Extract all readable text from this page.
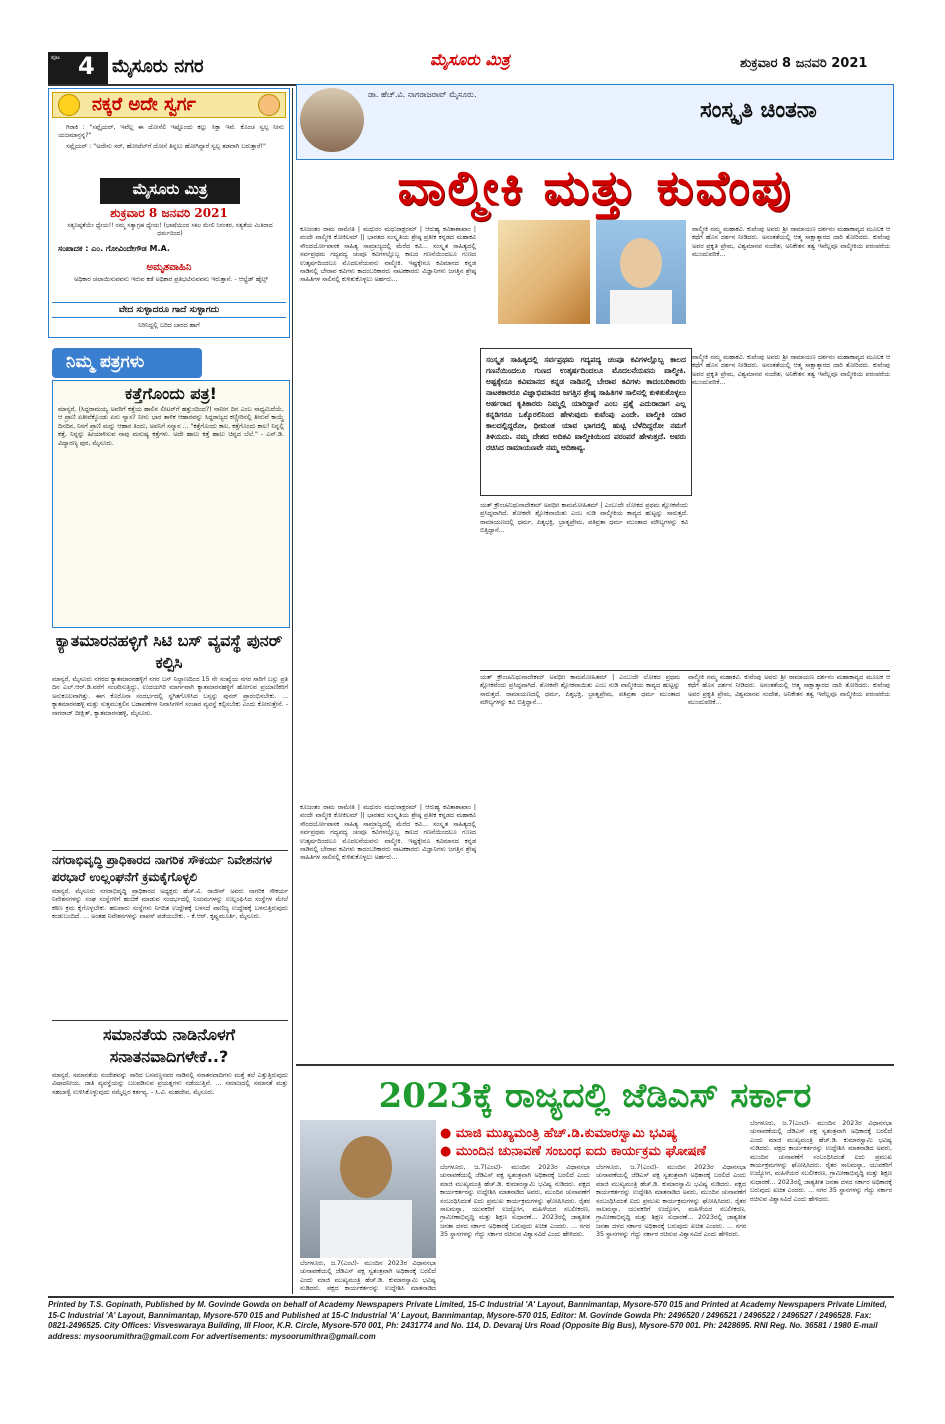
ಪುಟ 4 ಮೈಸೂರು ನಗರ	ಮೈಸೂರು ಮಿತ್ರ	ಶುಕ್ರವಾರ 8 ಜನವರಿ 2021
ನಕ್ಕರೆ ಅದೇ ಸ್ವರ್ಗ

ಗಿರಾಕಿ : "ಸಪ್ಲೈಯರ್, ಇವೆಲ್ಲ ಈ ದೋಸೆಲಿ ಇಷ್ಟೊಂದು ಕಲ್ಲು ಸಿಕ್ತಾ ಇವೆ. ಕೊಂಚ ಸ್ವಲ್ಪ ನೀನು ಯಜಮಾನ್ರನ್ನ?"

ಸಪ್ಲೈಯರ್ : "ಅದೇನು ಸರ್, ಹೋಟೆಲ್‌ಗೆ ದೋಸೆ ತಿನ್ನಲು ಹೋಗಿದ್ದಾರೆ ಸ್ವಲ್ಪ ತಡವಾಗಿ ಬರುತ್ತಾರೆ!"

ಮೈಸೂರು ಮಿತ್ರ
ಶುಕ್ರವಾರ 8 ಜನವರಿ 2021
ಸತ್ಯನಿಷ್ಠತೆಯೇ ಧ್ಯೇಯ!! ನಮ್ಮ ಸತ್ಯಾಗ್ರಹ ಧ್ಯೇಯ! (ಭಾಷೆಯಿಂದ ಸಕಲ ಮೇಲಿ ನಿರಂತರ, ಸತ್ಯತೆಯ ಮಿತಿರಾದ ಧರ್ಮದಿಂದ)
ಸಂಪಾದಕ : ಎಂ. ಗೋವಿಂದೇಗೌಡ M.A.
ಅಮೃತವಾಹಿನಿ
ಅಧಿಕಾರ ಚಲಾಯಿಸುವವನು ಇರುವ ಕಡೆ ಅಧಿಕಾರ ಪ್ರತಿಭಟಿಸುವವನು ಇರುತ್ತಾನೆ. - ಆಲ್ಫ್ರೆಡ್ ಹೈಲ್ಸ್
ವೇದ ಸುಳ್ಳಾದರೂ ಗಾದೆ ಸುಳ್ಳಾಗದು
ನಿರಿನಿದ್ದಲ್ಲಿ ಬರಿದ ಬಾರದ ಹಾಗೆ
ನಿಮ್ಮ ಪತ್ರಗಳು
ಕತ್ತೆಗೊಂದು ಪತ್ರ!
ಮಾನ್ಯರೆ, (ಸಿದ್ದರಾಮಯ್ಯ ಅವರಿಗೆ ಕತ್ತೆಯ ಹಾಲಿನ ಲೀಟರ್‌ಗೆ ಹತ್ತುಂದಿಂದ?) ನಾನೀಗ ದಿನ ಎಂಬ ಸಾಧ್ಯಮಿದೆಯೆ, ಆ ಪ್ರಾಣಿ ಏತೀವೆಕ್ಕೊಂಡು ಏನು ನ್ಯಾಸ? ನೀನು ಭಾರ ತಾಳಿಕ ಆಹಾರವನ್ನು ಸಿದ್ಧರಾಜ್ಯದ ಕಣ್ಣೀರಿನಲ್ಲಿ ತೀರುವೆ ಕಾಯ್ತ್ರೆ ದಿನದಿನ, ನಿನಗೆ ಪ್ರಾಣಿ ಮನ್ನು ಆಹಾರ ತಿಂದು, ಅವನಿಗೆ ಸನ್ಮಾನ ... "ಕತ್ತೆಗೊಂದು ಕಾಲ, ಕತ್ತೆಗೊಂದು ಕಾಲ! ನಿನ್ನಲ್ಲಿ ಕತ್ತೆ, ನಿನ್ನನ್ನು ಹೀಯಾಳಿಸುವ ನಾವು ಮನುಷ್ಯ ಕತ್ತೆಗಳು. ಅದೇ ಹಾಲು ಕತ್ತೆ ಹಾಲು ಚಿನ್ನದ ಬೆಲೆ." - ಎನ್.ಡಿ. ವಿದ್ಯಾರಣ್ಯ ಪುರ, ಮೈಸೂರು.
ಕ್ಯಾತಮಾರನಹಳ್ಳಿಗೆ ಸಿಟಿ ಬಸ್ ವ್ಯವಸ್ಥೆ ಪುನರ್ ಕಲ್ಪಿಸಿ
ಮಾನ್ಯರೆ, ಮೈಸೂರು ನಗರದ ಕ್ಯಾತಮಾರನಹಳ್ಳಿಗೆ ನಗರ ಬಸ್ ನಿಲ್ದಾಣದಿಂದ 15 ನೇ ಸಂಖ್ಯೆಯ ನಗರ ಸಾರಿಗೆ ಬಸ್ಸು ಪ್ರತಿ ದಿನ ಎಲ್.ಆರ್.ಡಿ.ವರೆಗೆ ಸಂಚರಿಸುತ್ತಿದ್ದು, ಉದಯಗಿರಿ ಮಾರ್ಗವಾಗಿ ಕ್ಯಾತಮಾರನಹಳ್ಳಿಗೆ ಹೋಗುವ ಪ್ರಯಾಣಿಕರಿಗೆ ಅನುಕೂಲವಾಗಿತ್ತು. ಈಗ ಕೊರೊನಾ ಸಂದರ್ಭದಲ್ಲಿ ಸ್ಥಗಿತಗೊಳಿಸಿದ ಬಸ್ಸನ್ನು ಪುನರ್ ಪ್ರಾರಂಭಿಸಬೇಕು. ... ಕ್ಯಾತಮಾರನಹಳ್ಳಿ ಮತ್ತು ಸುತ್ತಮುತ್ತಲಿನ ಬಡಾವಣೆಗಳ ನಿವಾಸಿಗಳಿಗೆ ಸಂಚಾರ ವ್ಯವಸ್ಥೆ ಕಲ್ಪಿಸಬೇಕು ಎಂದು ಕೋರುತ್ತೇನೆ. - ನಾಗರಾಜ್ ದೀಕ್ಷಿತ್, ಕ್ಯಾತಮಾರನಹಳ್ಳಿ, ಮೈಸೂರು.
ನಗರಾಭಿವೃದ್ಧಿ ಪ್ರಾಧಿಕಾರದ ನಾಗರಿಕ ಸೌಕರ್ಯ ನಿವೇಶನಗಳ ಪರಭಾರೆ ಉಲ್ಲಂಘನೆಗೆ ಕ್ರಮಕೈಗೊಳ್ಳಲಿ
ಮಾನ್ಯರೆ, ಮೈಸೂರು ನಗರಾಭಿವೃದ್ಧಿ ಪ್ರಾಧಿಕಾರದ ಅಧ್ಯಕ್ಷರು ಹೆಚ್.ವಿ. ರಾಜೀವ್ ಅವರು ನಾಗರಿಕ ಸೌಕರ್ಯ ನಿವೇಶನಗಳನ್ನು ಸಂಘ ಸಂಸ್ಥೆಗಳಿಗೆ ಹಂಚಿಕೆ ಮಾಡುವ ಸಂದರ್ಭದಲ್ಲಿ ನಿಯಮಗಳನ್ನು ಉಲ್ಲಂಘಿಸಿದ ಸಂಸ್ಥೆಗಳ ಮೇಲೆ ಕಠಿಣ ಕ್ರಮ ಕೈಗೊಳ್ಳಬೇಕು. ಹಲವಾರು ಸಂಸ್ಥೆಗಳು ನಿಗದಿತ ಉದ್ದೇಶಕ್ಕೆ ಬಳಸದೆ ವಾಣಿಜ್ಯ ಉದ್ದೇಶಕ್ಕೆ ಬಳಸುತ್ತಿರುವುದು ಕಂಡುಬಂದಿದೆ. ... ಅಂತಹ ನಿವೇಶನಗಳನ್ನು ವಾಪಸ್ ಪಡೆಯಬೇಕು. - ಕೆ.ಆರ್. ಕೃಷ್ಣಮೂರ್ತಿ, ಮೈಸೂರು.
ಸಮಾನತೆಯ ನಾಡಿನೊಳಗೆ ಸನಾತನವಾದಿಗಳೇಕೆ..?
ಮಾನ್ಯರೆ, ಸಮಾನತೆಯ ಸಂದೇಶವನ್ನು ಸಾರಿದ ಬಸವಣ್ಣನವರ ನಾಡಿನಲ್ಲಿ ಸನಾತನವಾದಿಗಳು ಮತ್ತೆ ತಲೆ ಎತ್ತುತ್ತಿರುವುದು ವಿಷಾದನೀಯ. ಜಾತಿ ವ್ಯವಸ್ಥೆಯನ್ನು ಬಲಪಡಿಸುವ ಪ್ರಯತ್ನಗಳು ನಡೆಯುತ್ತಿವೆ. ... ಸಮಾಜದಲ್ಲಿ ಸಮಾನತೆ ಮತ್ತು ಸಹಬಾಳ್ವೆ ಉಳಿಸಿಕೊಳ್ಳುವುದು ನಮ್ಮೆಲ್ಲರ ಕರ್ತವ್ಯ. - ಸಿ.ವಿ. ಮಹದೇವ, ಮೈಸೂರು.
ಡಾ. ಹೆಚ್.ವಿ. ನಾಗರಾಜರಾವ್ ಮೈಸೂರು.
ಸಂಸ್ಕೃತಿ ಚಿಂತನಾ
ವಾಲ್ಮೀಕಿ ಮತ್ತು ಕುವೆಂಪು
ಕೂಜಂತಂ ರಾಮ ರಾಮೇತಿ | ಮಧುರಂ ಮಧುರಾಕ್ಷರಮ್ | ಆರುಹ್ಯ ಕವಿತಾಶಾಖಾಂ | ವಂದೇ ವಾಲ್ಮೀಕಿ ಕೋಕಿಲಮ್ || ಭಾರತದ ಸಂಸ್ಕೃತಿಯ ಶ್ರೇಷ್ಠ ಪ್ರತೀಕ ಕನ್ನಡದ ಮಹಾಕವಿ ಸೌಂದರ್ಯೋಪಾಸಕ ಸಾಹಿತ್ಯ ಸಾಮ್ರಾಜ್ಯದಲ್ಲಿ ಮೆರೆದ ಕವಿ... ಸಂಸ್ಕೃತ ಸಾಹಿತ್ಯದಲ್ಲಿ ಸರ್ವಪ್ರಥಮ ಗದ್ಯಪದ್ಯ ಚಂಪೂ ಕವಿಗಳಲ್ಲೊಬ್ಬ ಕಾಲದ ಗಣನೆಯಿಂದಲೂ ಗುಣದ ಉತ್ಕರ್ಷದಿಂದಲೂ ಮೊದಲನೆಯವನು ವಾಲ್ಮೀಕಿ. ಇಷ್ಟಕ್ಕೇನೂ ಕವಿಮಾನದ ಕನ್ನಡ ನಾಡಿನಲ್ಲಿ ಬೇರಾವ ಕವಿಗಳು ಕಾದಂಬರಿಕಾರರು ನಾಟಕಕಾರರು ವಿಜ್ಞಾನಿಗಳು ಜಗತ್ತಿನ ಶ್ರೇಷ್ಠ ಸಾಹಿತಿಗಳ ಸಾಲಿನಲ್ಲಿ ಕುಳಿತುಕೊಳ್ಳಲು ಅರ್ಹರು...
ವಾಲ್ಮೀಕಿ ನಮ್ಮ ಮಹಾಕವಿ. ಕುವೆಂಪು ಅವರು ಶ್ರೀ ರಾಮಾಯಣ ದರ್ಶನಂ ಮಹಾಕಾವ್ಯದ ಮೂಲಕ ಆ ಕಥೆಗೆ ಹೊಸ ದರ್ಶನ ನೀಡಿದರು. ಅನಂತತೆಯಲ್ಲಿ ಆತ್ಮ ಸಾಕ್ಷಾತ್ಕಾರದ ದಾರಿ ತೋರಿದರು. ಕುವೆಂಪು ಅವರ ಪ್ರಕೃತಿ ಪ್ರೇಮ, ವಿಶ್ವಮಾನವ ಸಂದೇಶ, ಅನಿಕೇತನ ತತ್ವ ಇವೆಲ್ಲವೂ ವಾಲ್ಮೀಕಿಯ ಪರಂಪರೆಯ ಮುಂದುವರಿಕೆ...
ಸಂಸ್ಕೃತ ಸಾಹಿತ್ಯದಲ್ಲಿ ಸರ್ವಪ್ರಥಮ ಗದ್ಯಪದ್ಯ ಚಂಪೂ ಕವಿಗಳಲ್ಲೊಬ್ಬ ಕಾಲದ ಗಣನೆಯಿಂದಲೂ ಗುಣದ ಉತ್ಕರ್ಷದಿಂದಲೂ ಮೊದಲನೆಯವನು ವಾಲ್ಮೀಕಿ. ಅಷ್ಟಕ್ಕೇನೂ ಕವಿಮಾನದ ಕನ್ನಡ ನಾಡಿನಲ್ಲಿ ಬೇರಾವ ಕವಿಗಳು ಕಾದಂಬರಿಕಾರರು ನಾಟಕಕಾರರೂ ವಿಜ್ಞಾಭಿಮಾನದ ಜಗತ್ತಿನ ಶ್ರೇಷ್ಠ ಸಾಹಿತಿಗಳ ಸಾಲಿನಲ್ಲಿ ಕುಳಿತುಕೊಳ್ಳಲು ಅರ್ಹರಾದ ಕೃತಿಕಾರರು ನಿಮ್ಮಲ್ಲಿ ಯಾರಿದ್ದಾರೆ ಎಂಬ ಪ್ರಶ್ನೆ ಎದುರಾದಾಗ ಎಲ್ಲ ಕನ್ನಡಿಗರೂ ಒಕ್ಕೊರಲಿನಿಂದ ಹೇಳುವುದು ಕುವೆಂಪು ಎಂದೇ. ವಾಲ್ಮೀಕಿ ಯಾರ ಕಾಲದಲ್ಲಿದ್ದರೋ, ಧೀಮಂತ ಯಾವ ಭಾಗದಲ್ಲಿ ಹುಟ್ಟಿ ಬೆಳೆದಿದ್ದರೋ ನಮಗೆ ತಿಳಿಯದು. ನಮ್ಮ ದೇಶದ ಅದಿಕವಿ ವಾಲ್ಮೀಕಿಯಿಂದ ಪರಂಪರೆ ಹೇಳುತ್ತದೆ. ಅವರು ರಚಿಸಿದ ರಾಮಾಯಣವೇ ನಮ್ಮ ಆದಿಕಾವ್ಯ.
ವಾಲ್ಮೀಕಿ ನಮ್ಮ ಮಹಾಕವಿ. ಕುವೆಂಪು ಅವರು ಶ್ರೀ ರಾಮಾಯಣ ದರ್ಶನಂ ಮಹಾಕಾವ್ಯದ ಮೂಲಕ ಆ ಕಥೆಗೆ ಹೊಸ ದರ್ಶನ ನೀಡಿದರು. ಅನಂತತೆಯಲ್ಲಿ ಆತ್ಮ ಸಾಕ್ಷಾತ್ಕಾರದ ದಾರಿ ತೋರಿದರು. ಕುವೆಂಪು ಅವರ ಪ್ರಕೃತಿ ಪ್ರೇಮ, ವಿಶ್ವಮಾನವ ಸಂದೇಶ, ಅನಿಕೇತನ ತತ್ವ ಇವೆಲ್ಲವೂ ವಾಲ್ಮೀಕಿಯ ಪರಂಪರೆಯ ಮುಂದುವರಿಕೆ...
ಯತ್ ಕ್ರೌಂಚಮಿಥುನಾದೇಕಮ್ ಅವಧೀಃ ಕಾಮಮೋಹಿತಮ್ | ಎಂಬುದೇ ಲೋಕದ ಪ್ರಥಮ ಶ್ಲೋಕವೆಂದು ಪ್ರಸಿದ್ಧವಾಗಿದೆ. ಶೋಕವೇ ಶ್ಲೋಕವಾಯಿತು ಎಂಬ ನುಡಿ ವಾಲ್ಮೀಕಿಯ ಕಾವ್ಯದ ಹುಟ್ಟನ್ನು ಸಾರುತ್ತದೆ. ರಾಮಾಯಣದಲ್ಲಿ ಧರ್ಮ, ಪಿತೃಭಕ್ತಿ, ಭ್ರಾತೃಪ್ರೇಮ, ಪತಿವ್ರತಾ ಧರ್ಮ ಮುಂತಾದ ಮೌಲ್ಯಗಳನ್ನು ಕವಿ ಬಿತ್ತಿದ್ದಾನೆ...
ಯತ್ ಕ್ರೌಂಚಮಿಥುನಾದೇಕಮ್ ಅವಧೀಃ ಕಾಮಮೋಹಿತಮ್ | ಎಂಬುದೇ ಲೋಕದ ಪ್ರಥಮ ಶ್ಲೋಕವೆಂದು ಪ್ರಸಿದ್ಧವಾಗಿದೆ. ಶೋಕವೇ ಶ್ಲೋಕವಾಯಿತು ಎಂಬ ನುಡಿ ವಾಲ್ಮೀಕಿಯ ಕಾವ್ಯದ ಹುಟ್ಟನ್ನು ಸಾರುತ್ತದೆ. ರಾಮಾಯಣದಲ್ಲಿ ಧರ್ಮ, ಪಿತೃಭಕ್ತಿ, ಭ್ರಾತೃಪ್ರೇಮ, ಪತಿವ್ರತಾ ಧರ್ಮ ಮುಂತಾದ ಮೌಲ್ಯಗಳನ್ನು ಕವಿ ಬಿತ್ತಿದ್ದಾನೆ...
ವಾಲ್ಮೀಕಿ ನಮ್ಮ ಮಹಾಕವಿ. ಕುವೆಂಪು ಅವರು ಶ್ರೀ ರಾಮಾಯಣ ದರ್ಶನಂ ಮಹಾಕಾವ್ಯದ ಮೂಲಕ ಆ ಕಥೆಗೆ ಹೊಸ ದರ್ಶನ ನೀಡಿದರು. ಅನಂತತೆಯಲ್ಲಿ ಆತ್ಮ ಸಾಕ್ಷಾತ್ಕಾರದ ದಾರಿ ತೋರಿದರು. ಕುವೆಂಪು ಅವರ ಪ್ರಕೃತಿ ಪ್ರೇಮ, ವಿಶ್ವಮಾನವ ಸಂದೇಶ, ಅನಿಕೇತನ ತತ್ವ ಇವೆಲ್ಲವೂ ವಾಲ್ಮೀಕಿಯ ಪರಂಪರೆಯ ಮುಂದುವರಿಕೆ...
ಕೂಜಂತಂ ರಾಮ ರಾಮೇತಿ | ಮಧುರಂ ಮಧುರಾಕ್ಷರಮ್ | ಆರುಹ್ಯ ಕವಿತಾಶಾಖಾಂ | ವಂದೇ ವಾಲ್ಮೀಕಿ ಕೋಕಿಲಮ್ || ಭಾರತದ ಸಂಸ್ಕೃತಿಯ ಶ್ರೇಷ್ಠ ಪ್ರತೀಕ ಕನ್ನಡದ ಮಹಾಕವಿ ಸೌಂದರ್ಯೋಪಾಸಕ ಸಾಹಿತ್ಯ ಸಾಮ್ರಾಜ್ಯದಲ್ಲಿ ಮೆರೆದ ಕವಿ... ಸಂಸ್ಕೃತ ಸಾಹಿತ್ಯದಲ್ಲಿ ಸರ್ವಪ್ರಥಮ ಗದ್ಯಪದ್ಯ ಚಂಪೂ ಕವಿಗಳಲ್ಲೊಬ್ಬ ಕಾಲದ ಗಣನೆಯಿಂದಲೂ ಗುಣದ ಉತ್ಕರ್ಷದಿಂದಲೂ ಮೊದಲನೆಯವನು ವಾಲ್ಮೀಕಿ. ಇಷ್ಟಕ್ಕೇನೂ ಕವಿಮಾನದ ಕನ್ನಡ ನಾಡಿನಲ್ಲಿ ಬೇರಾವ ಕವಿಗಳು ಕಾದಂಬರಿಕಾರರು ನಾಟಕಕಾರರು ವಿಜ್ಞಾನಿಗಳು ಜಗತ್ತಿನ ಶ್ರೇಷ್ಠ ಸಾಹಿತಿಗಳ ಸಾಲಿನಲ್ಲಿ ಕುಳಿತುಕೊಳ್ಳಲು ಅರ್ಹರು...
2023ಕ್ಕೆ ರಾಜ್ಯದಲ್ಲಿ ಜೆಡಿಎಸ್ ಸರ್ಕಾರ
● ಮಾಜಿ ಮುಖ್ಯಮಂತ್ರಿ ಹೆಚ್.ಡಿ.ಕುಮಾರಸ್ವಾಮಿ ಭವಿಷ್ಯ
● ಮುಂದಿನ ಚುನಾವಣೆ ಸಂಬಂಧ ಐದು ಕಾರ್ಯಕ್ರಮ ಘೋಷಣೆ
ಬೆಂಗಳೂರು, ಜ.7(ಎಂಟಿ)- ಮುಂದಿನ 2023ರ ವಿಧಾನಸಭಾ ಚುನಾವಣೆಯಲ್ಲಿ ಜೆಡಿಎಸ್ ಪಕ್ಷ ಸ್ವತಂತ್ರವಾಗಿ ಅಧಿಕಾರಕ್ಕೆ ಬರಲಿದೆ ಎಂದು ಮಾಜಿ ಮುಖ್ಯಮಂತ್ರಿ ಹೆಚ್.ಡಿ. ಕುಮಾರಸ್ವಾಮಿ ಭವಿಷ್ಯ ನುಡಿದರು. ಪಕ್ಷದ ಕಾರ್ಯಕರ್ತರನ್ನು ಉದ್ದೇಶಿಸಿ ಮಾತನಾಡಿದ ಅವರು, ಮುಂದಿನ ಚುನಾವಣೆಗೆ ಸಂಬಂಧಿಸಿದಂತೆ ಐದು ಪ್ರಮುಖ ಕಾರ್ಯಕ್ರಮಗಳನ್ನು ಘೋಷಿಸಿದರು. ರೈತರ ಸಾಲಮನ್ನಾ, ಯುವಕರಿಗೆ ಉದ್ಯೋಗ, ಮಹಿಳೆಯರ ಸಬಲೀಕರಣ, ಗ್ರಾಮೀಣಾಭಿವೃದ್ಧಿ ಮತ್ತು ಶಿಕ್ಷಣ ಸುಧಾರಣೆ... 2023ರಲ್ಲಿ ಜಾತ್ಯತೀತ ಜನತಾ ದಳದ ಸರ್ಕಾರ ಅಧಿಕಾರಕ್ಕೆ ಬರುವುದು ಖಚಿತ ಎಂದರು. ... ನಗರ 35 ಸ್ಥಾನಗಳನ್ನು ಗೆದ್ದು ಸರ್ಕಾರ ರಚಿಸುವ ವಿಶ್ವಾಸವಿದೆ ಎಂದು ಹೇಳಿದರು.
ಬೆಂಗಳೂರು, ಜ.7(ಎಂಟಿ)- ಮುಂದಿನ 2023ರ ವಿಧಾನಸಭಾ ಚುನಾವಣೆಯಲ್ಲಿ ಜೆಡಿಎಸ್ ಪಕ್ಷ ಸ್ವತಂತ್ರವಾಗಿ ಅಧಿಕಾರಕ್ಕೆ ಬರಲಿದೆ ಎಂದು ಮಾಜಿ ಮುಖ್ಯಮಂತ್ರಿ ಹೆಚ್.ಡಿ. ಕುಮಾರಸ್ವಾಮಿ ಭವಿಷ್ಯ ನುಡಿದರು. ಪಕ್ಷದ ಕಾರ್ಯಕರ್ತರನ್ನು ಉದ್ದೇಶಿಸಿ ಮಾತನಾಡಿದ ಅವರು, ಮುಂದಿನ ಚುನಾವಣೆಗೆ ಸಂಬಂಧಿಸಿದಂತೆ ಐದು ಪ್ರಮುಖ ಕಾರ್ಯಕ್ರಮಗಳನ್ನು ಘೋಷಿಸಿದರು. ರೈತರ ಸಾಲಮನ್ನಾ, ಯುವಕರಿಗೆ ಉದ್ಯೋಗ, ಮಹಿಳೆಯರ ಸಬಲೀಕರಣ, ಗ್ರಾಮೀಣಾಭಿವೃದ್ಧಿ ಮತ್ತು ಶಿಕ್ಷಣ ಸುಧಾರಣೆ... 2023ರಲ್ಲಿ ಜಾತ್ಯತೀತ ಜನತಾ ದಳದ ಸರ್ಕಾರ ಅಧಿಕಾರಕ್ಕೆ ಬರುವುದು ಖಚಿತ ಎಂದರು. ... ನಗರ 35 ಸ್ಥಾನಗಳನ್ನು ಗೆದ್ದು ಸರ್ಕಾರ ರಚಿಸುವ ವಿಶ್ವಾಸವಿದೆ ಎಂದು ಹೇಳಿದರು.
ಬೆಂಗಳೂರು, ಜ.7(ಎಂಟಿ)- ಮುಂದಿನ 2023ರ ವಿಧಾನಸಭಾ ಚುನಾವಣೆಯಲ್ಲಿ ಜೆಡಿಎಸ್ ಪಕ್ಷ ಸ್ವತಂತ್ರವಾಗಿ ಅಧಿಕಾರಕ್ಕೆ ಬರಲಿದೆ ಎಂದು ಮಾಜಿ ಮುಖ್ಯಮಂತ್ರಿ ಹೆಚ್.ಡಿ. ಕುಮಾರಸ್ವಾಮಿ ಭವಿಷ್ಯ ನುಡಿದರು. ಪಕ್ಷದ ಕಾರ್ಯಕರ್ತರನ್ನು ಉದ್ದೇಶಿಸಿ ಮಾತನಾಡಿದ ಅವರು, ಮುಂದಿನ ಚುನಾವಣೆಗೆ ಸಂಬಂಧಿಸಿದಂತೆ ಐದು ಪ್ರಮುಖ ಕಾರ್ಯಕ್ರಮಗಳನ್ನು ಘೋಷಿಸಿದರು. ರೈತರ ಸಾಲಮನ್ನಾ, ಯುವಕರಿಗೆ ಉದ್ಯೋಗ, ಮಹಿಳೆಯರ ಸಬಲೀಕರಣ, ಗ್ರಾಮೀಣಾಭಿವೃದ್ಧಿ ಮತ್ತು ಶಿಕ್ಷಣ ಸುಧಾರಣೆ... 2023ರಲ್ಲಿ ಜಾತ್ಯತೀತ ಜನತಾ ದಳದ ಸರ್ಕಾರ ಅಧಿಕಾರಕ್ಕೆ ಬರುವುದು ಖಚಿತ ಎಂದರು. ... ನಗರ 35 ಸ್ಥಾನಗಳನ್ನು ಗೆದ್ದು ಸರ್ಕಾರ ರಚಿಸುವ ವಿಶ್ವಾಸವಿದೆ ಎಂದು ಹೇಳಿದರು.
ಬೆಂಗಳೂರು, ಜ.7(ಎಂಟಿ)- ಮುಂದಿನ 2023ರ ವಿಧಾನಸಭಾ ಚುನಾವಣೆಯಲ್ಲಿ ಜೆಡಿಎಸ್ ಪಕ್ಷ ಸ್ವತಂತ್ರವಾಗಿ ಅಧಿಕಾರಕ್ಕೆ ಬರಲಿದೆ ಎಂದು ಮಾಜಿ ಮುಖ್ಯಮಂತ್ರಿ ಹೆಚ್.ಡಿ. ಕುಮಾರಸ್ವಾಮಿ ಭವಿಷ್ಯ ನುಡಿದರು. ಪಕ್ಷದ ಕಾರ್ಯಕರ್ತರನ್ನು ಉದ್ದೇಶಿಸಿ ಮಾತನಾಡಿದ
Printed by T.S. Gopinath, Published by M. Govinde Gowda on behalf of Academy Newspapers Private Limited, 15-C Industrial 'A' Layout, Bannimantap, Mysore-570 015 and Printed at Academy Newspapers Private Limited, 15-C Industrial 'A' Layout, Bannimantap, Mysore-570 015 and Published at 15-C Industrial 'A' Layout, Bannimantap, Mysore-570 015, Editor: M. Govinde Gowda Ph: 2496520 / 2496521 / 2496522 / 2496527 / 2496528. Fax: 0821-2496525. City Offices: Visveswaraya Building, III Floor, K.R. Circle, Mysore-570 001, Ph: 2431774 and No. 114, D. Devaraj Urs Road (Opposite Big Bus), Mysore-570 001. Ph: 2428695. RNI Reg. No. 36581 / 1980 E-mail address: mysoorumithra@gmail.com For advertisements: mysoorumithra@gmail.com
